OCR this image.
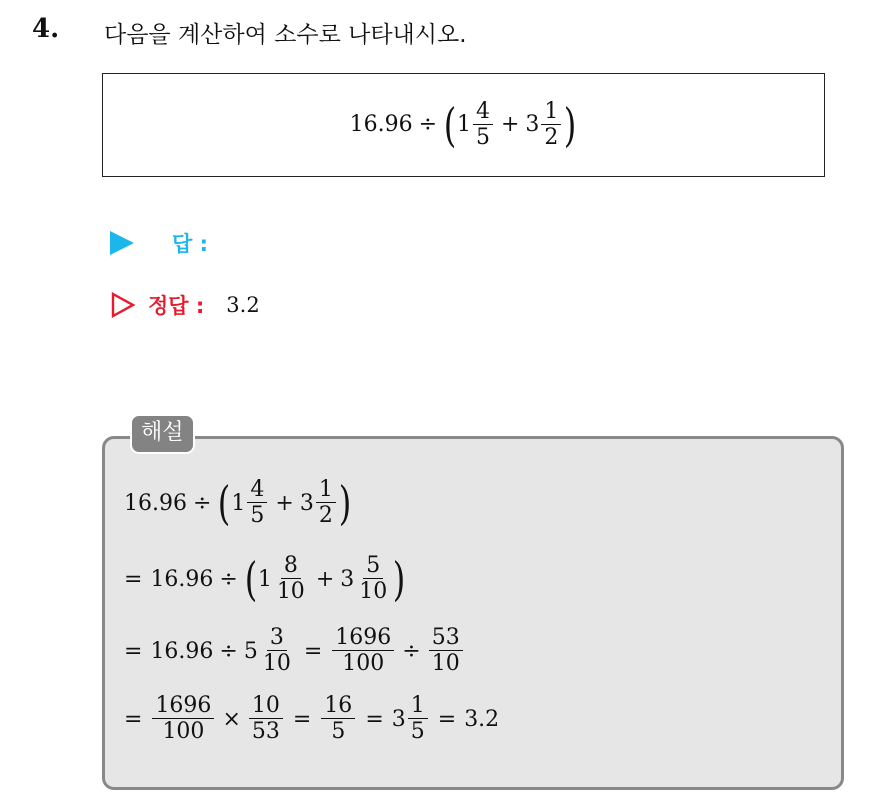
4. 다음을 계산하여 소수로 나타내시오.
16.96 ÷ ( $1 \frac{4}{5} + 3 \frac{1}{2}$ )
답 :
정답 : 3.2
해설
16.96 ÷ ( $1 \frac{4}{5} + 3 \frac{1}{2}$ )
= 16.96 ÷ ( $1 \frac{8}{10} + 3 \frac{5}{10}$ )
= $16.96 \div 5 \frac{3}{10} = \frac{1696}{100} \div \frac{53}{10}$
= $\frac{1696}{100} \times \frac{10}{53} = \frac{16}{5} = 3 \frac{1}{5} = 3.2$
